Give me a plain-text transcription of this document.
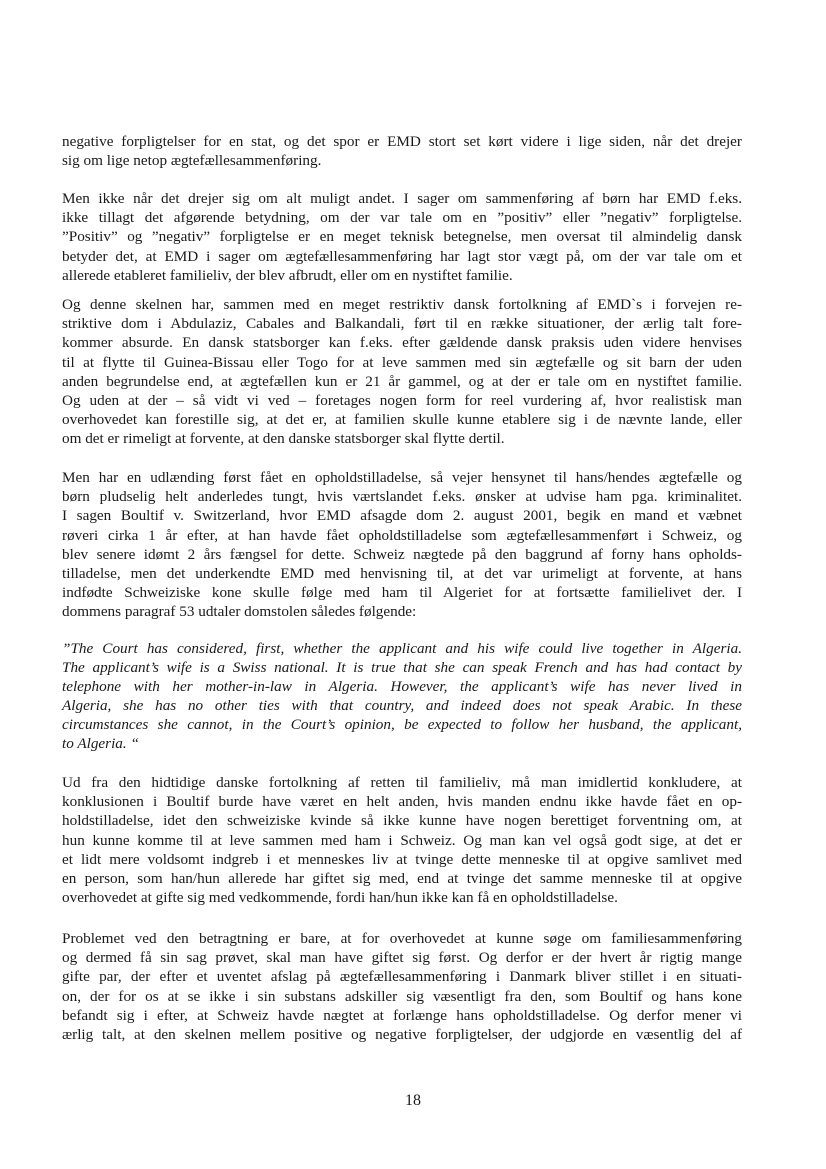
negative forpligtelser for en stat, og det spor er EMD stort set kørt videre i lige siden, når det drejer
sig om lige netop ægtefællesammenføring.
Men ikke når det drejer sig om alt muligt andet. I sager om sammenføring af børn har EMD f.eks.
ikke tillagt det afgørende betydning, om der var tale om en ”positiv” eller ”negativ” forpligtelse.
”Positiv” og ”negativ” forpligtelse er en meget teknisk betegnelse, men oversat til almindelig dansk
betyder det, at EMD i sager om ægtefællesammenføring har lagt stor vægt på, om der var tale om et
allerede etableret familieliv, der blev afbrudt, eller om en nystiftet familie.
Og denne skelnen har, sammen med en meget restriktiv dansk fortolkning af EMD`s i forvejen re-
striktive dom i Abdulaziz, Cabales and Balkandali, ført til en række situationer, der ærlig talt fore-
kommer absurde. En dansk statsborger kan f.eks. efter gældende dansk praksis uden videre henvises
til at flytte til Guinea-Bissau eller Togo for at leve sammen med sin ægtefælle og sit barn der uden
anden begrundelse end, at ægtefællen kun er 21 år gammel, og at der er tale om en nystiftet familie.
Og uden at der – så vidt vi ved – foretages nogen form for reel vurdering af, hvor realistisk man
overhovedet kan forestille sig, at det er, at familien skulle kunne etablere sig i de nævnte lande, eller
om det er rimeligt at forvente, at den danske statsborger skal flytte dertil.
Men har en udlænding først fået en opholdstilladelse, så vejer hensynet til hans/hendes ægtefælle og
børn pludselig helt anderledes tungt, hvis værtslandet f.eks. ønsker at udvise ham pga. kriminalitet.
I sagen Boultif v. Switzerland, hvor EMD afsagde dom 2. august 2001, begik en mand et væbnet
røveri cirka 1 år efter, at han havde fået opholdstilladelse som ægtefællesammenført i Schweiz, og
blev senere idømt 2 års fængsel for dette. Schweiz nægtede på den baggrund af forny hans opholds-
tilladelse, men det underkendte EMD med henvisning til, at det var urimeligt at forvente, at hans
indfødte Schweiziske kone skulle følge med ham til Algeriet for at fortsætte familielivet der. I
dommens paragraf 53 udtaler domstolen således følgende:
”The Court has considered, first, whether the applicant and his wife could live together in Algeria.
The applicant’s wife is a Swiss national. It is true that she can speak French and has had contact by
telephone with her mother-in-law in Algeria. However, the applicant’s wife has never lived in
Algeria, she has no other ties with that country, and indeed does not speak Arabic. In these
circumstances she cannot, in the Court’s opinion, be expected to follow her husband, the applicant,
to Algeria. “
Ud fra den hidtidige danske fortolkning af retten til familieliv, må man imidlertid konkludere, at
konklusionen i Boultif burde have været en helt anden, hvis manden endnu ikke havde fået en op-
holdstilladelse, idet den schweiziske kvinde så ikke kunne have nogen berettiget forventning om, at
hun kunne komme til at leve sammen med ham i Schweiz. Og man kan vel også godt sige, at det er
et lidt mere voldsomt indgreb i et menneskes liv at tvinge dette menneske til at opgive samlivet med
en person, som han/hun allerede har giftet sig med, end at tvinge det samme menneske til at opgive
overhovedet at gifte sig med vedkommende, fordi han/hun ikke kan få en opholdstilladelse.
Problemet ved den betragtning er bare, at for overhovedet at kunne søge om familiesammenføring
og dermed få sin sag prøvet, skal man have giftet sig først. Og derfor er der hvert år rigtig mange
gifte par, der efter et uventet afslag på ægtefællesammenføring i Danmark bliver stillet i en situati-
on, der for os at se ikke i sin substans adskiller sig væsentligt fra den, som Boultif og hans kone
befandt sig i efter, at Schweiz havde nægtet at forlænge hans opholdstilladelse. Og derfor mener vi
ærlig talt, at den skelnen mellem positive og negative forpligtelser, der udgjorde en væsentlig del af
18
